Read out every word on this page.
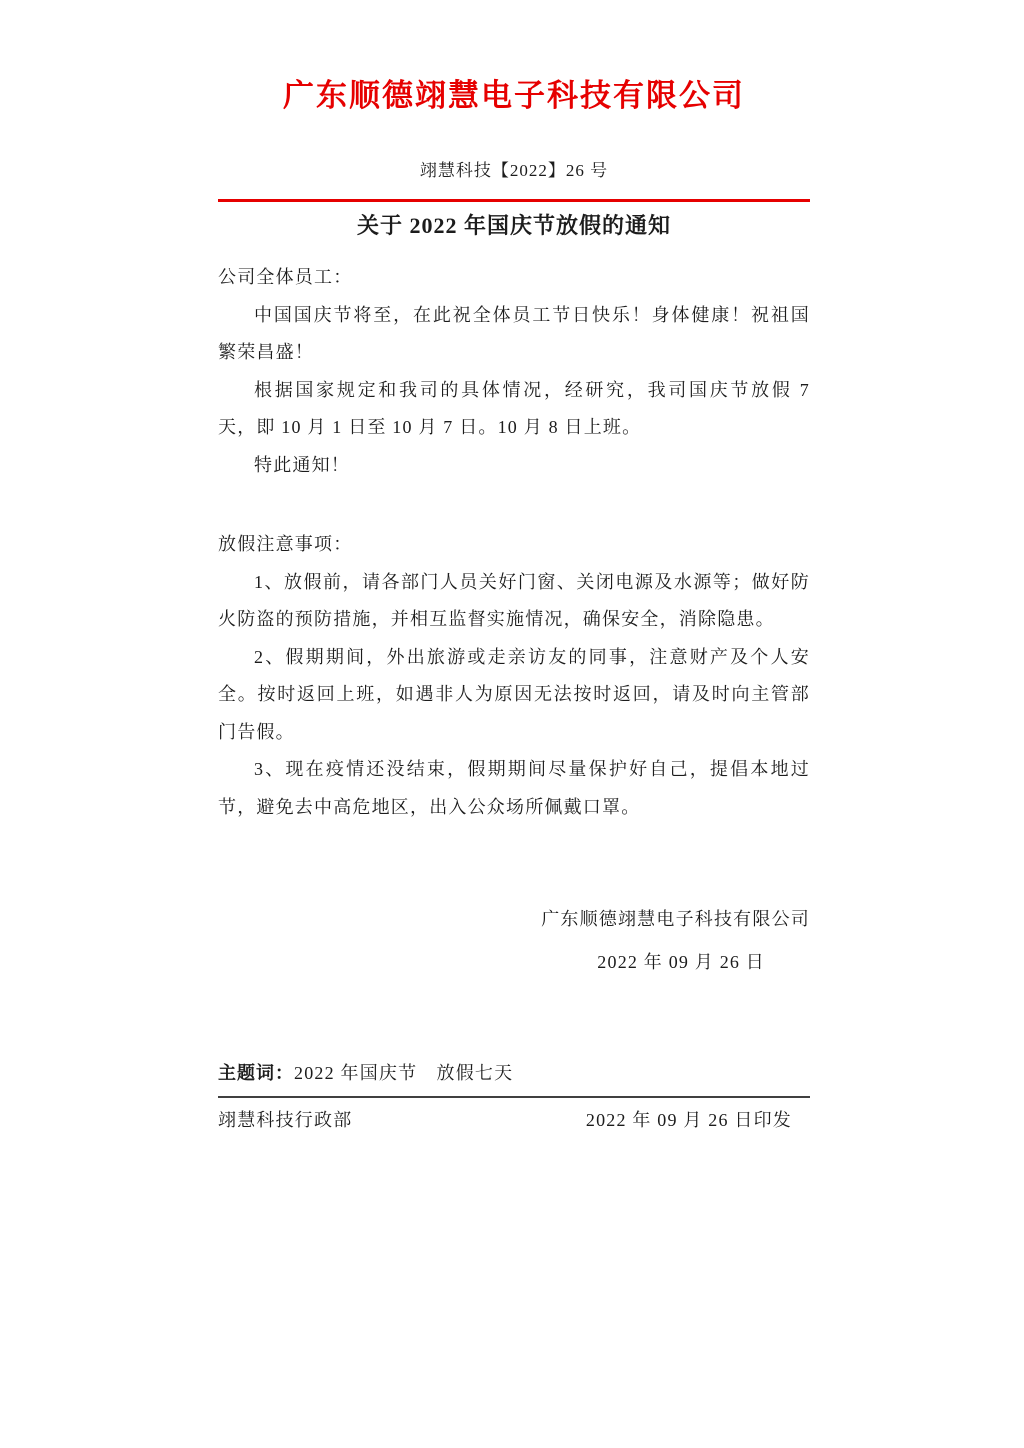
广东顺德翊慧电子科技有限公司
翊慧科技【2022】26 号
关于 2022 年国庆节放假的通知
公司全体员工：

中国国庆节将至，在此祝全体员工节日快乐！身体健康！祝祖国繁荣昌盛！

根据国家规定和我司的具体情况，经研究，我司国庆节放假 7 天，即 10 月 1 日至 10 月 7 日。10 月 8 日上班。

特此通知！

放假注意事项：

1、放假前，请各部门人员关好门窗、关闭电源及水源等；做好防火防盗的预防措施，并相互监督实施情况，确保安全，消除隐患。

2、假期期间，外出旅游或走亲访友的同事，注意财产及个人安全。按时返回上班，如遇非人为原因无法按时返回，请及时向主管部门告假。

3、现在疫情还没结束，假期期间尽量保护好自己，提倡本地过节，避免去中高危地区，出入公众场所佩戴口罩。

广东顺德翊慧电子科技有限公司
2022 年 09 月 26 日
主题词：2022 年国庆节　放假七天
翊慧科技行政部	2022 年 09 月 26 日印发
